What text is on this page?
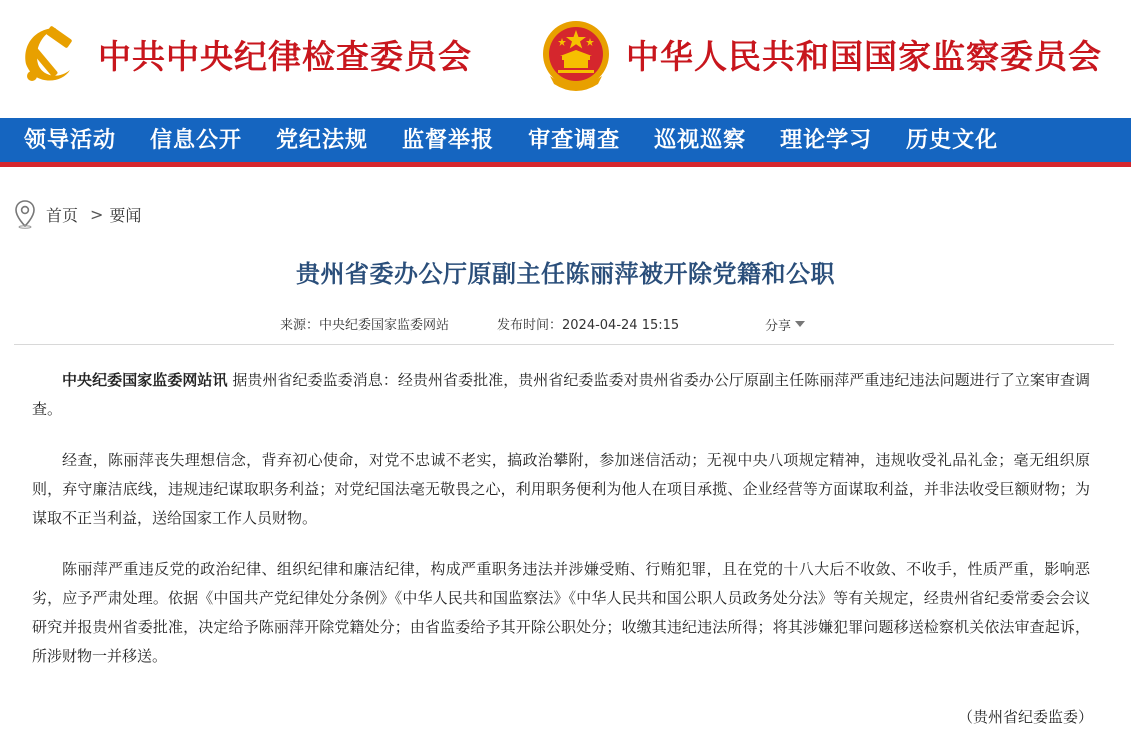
中共中央纪律检查委员会	中华人民共和国国家监察委员会
领导活动 信息公开 党纪法规 监督举报 审查调查 巡视巡察 理论学习 历史文化
首页 > 要闻
贵州省委办公厅原副主任陈丽萍被开除党籍和公职
来源：中央纪委国家监委网站	发布时间：2024-04-24 15:15	分享

中央纪委国家监委网站讯 据贵州省纪委监委消息：经贵州省委批准，贵州省纪委监委对贵州省委办公厅原副主任陈丽萍严重违纪违法问题进行了立案审查调查。

经查，陈丽萍丧失理想信念，背弃初心使命，对党不忠诚不老实，搞政治攀附，参加迷信活动；无视中央八项规定精神，违规收受礼品礼金；毫无组织原则，弃守廉洁底线，违规违纪谋取职务利益；对党纪国法毫无敬畏之心，利用职务便利为他人在项目承揽、企业经营等方面谋取利益，并非法收受巨额财物；为谋取不正当利益，送给国家工作人员财物。

陈丽萍严重违反党的政治纪律、组织纪律和廉洁纪律，构成严重职务违法并涉嫌受贿、行贿犯罪，且在党的十八大后不收敛、不收手，性质严重，影响恶劣，应予严肃处理。依据《中国共产党纪律处分条例》《中华人民共和国监察法》《中华人民共和国公职人员政务处分法》等有关规定，经贵州省纪委常委会会议研究并报贵州省委批准，决定给予陈丽萍开除党籍处分；由省监委给予其开除公职处分；收缴其违纪违法所得；将其涉嫌犯罪问题移送检察机关依法审查起诉，所涉财物一并移送。

（贵州省纪委监委）
